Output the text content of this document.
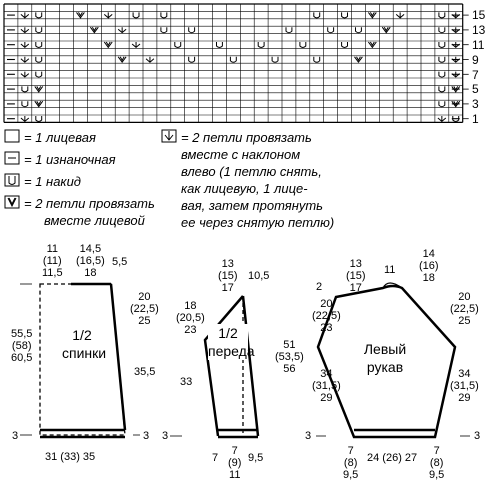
15
13
11
9
7
5
3
1
= 1 лицевая
= 1 изнаночная
= 1 накид
= 2 петли провязать
вместе лицевой
= 2 петли провязать
вместе с наклоном
влево (1 петлю снять,
как лицевую, 1 лице-
вая, затем протянуть
ее через снятую петлю)
1/2
спинки
11
(11)
11,5
14,5
(16,5)
18
5,5
55,5
(58)
60,5
20
(22,5)
25
35,5
31 (33) 35
3	3
1/2
переда
13
(15)
17
10,5
18
(20,5)
23
33
51
(53,5)
56
7
7
(9)
11
9,5
3
Левый
рукав
13
(15)
17
11
14
(16)
18
2
20
(22,5)
23
34
(31,5)
29
20
(22,5)
25
34
(31,5)
29
7
(8)
9,5
24 (26) 27
7
(8)
9,5
3	3
